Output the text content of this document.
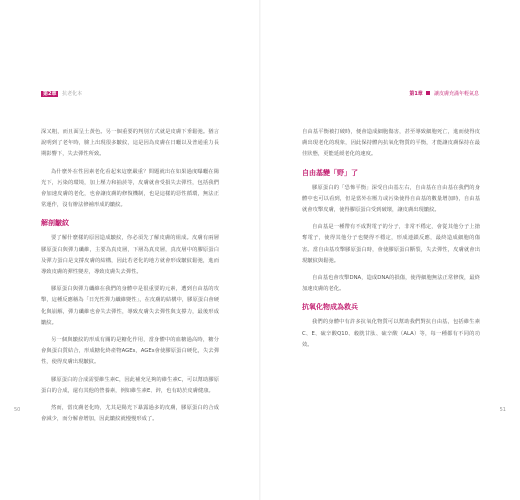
第2章 抗老化本

深又粗，而且面呈土黃色。另一個重要的判別方式就是皮膚下垂鬆弛。猶言說明到了老年時，臉上出現很多皺紋，這是因為皮膚在日曬以及普通重力長期影響下，失去彈性所致。

為什麼外在性因素老化看起來這麼嚴重？問題就出在如果過度曝曬在陽光下，污染的環境，加上壓力和抽菸等，皮膚就會受損失去彈性，包括我們會加速皮膚的老化，也會讓皮膚的修復機制，也是這樣的惡性循環，無法正常運作，沒有辦法修補形成的皺紋。

解剖皺紋

要了解什麼樣的原因造成皺紋，你必須先了解皮膚的組成。皮膚有兩層膠原蛋白與彈力纖維，主要為真皮層，下層為真皮層，真皮層中的膠原蛋白及彈力蛋白是支撐皮膚的結構，因此若老化的地方就會形成皺紋鬆弛，進而導致皮膚的彈性變差，導致皮膚失去彈性。

膠原蛋白與彈力纖維在我們的身體中是很重要的元素，遭到自由基的攻擊，這種反應稱為「日光性彈力纖維變性」，在皮膚的結構中，膠原蛋白會硬化與崩解，彈力纖維也會失去彈性，導致皮膚失去彈性與支撐力，最後形成皺紋。

另一個與皺紋的形成有關的是糖化作用，當身體中的血糖過高時，糖分會與蛋白質結合，形成糖化終產物AGEs，AGEs會使膠原蛋白硬化，失去彈性，使得皮膚出現皺紋。

膠原蛋白的合成需要維生素C，因此補充足夠的維生素C，可以幫助膠原蛋白的合成，還有其他的營養素，例如維生素E、鋅，也有助於皮膚健康。

然而，當皮膚老化時，尤其是陽光下暴露過多的皮膚，膠原蛋白的合成會減少，而分解會增加，因此皺紋就慢慢形成了。

50
第1章 讓皮膚充滿年輕氣息

自由基平衡被打破時，便會造成細胞傷害，甚至導致細胞死亡，進而使得皮膚出現老化的現象，因此保持體內抗氧化物質的平衡，才能讓皮膚保持在最佳狀態，更能延緩老化的速度。

自由基變「野」了

膠原蛋白的「恐怖平衡」深受自由基左右，自由基在自由基在我們的身體中也可以看到，但是當外在壓力或污染使得自由基的數量增加時，自由基就會攻擊皮膚，使得膠原蛋白受到破壞，讓皮膚出現皺紋。

自由基是一種帶有不成對電子的分子，非常不穩定，會從其他分子上搶奪電子，使得其他分子也變得不穩定，形成連鎖反應，最終造成細胞的傷害。當自由基攻擊膠原蛋白時，會使膠原蛋白斷裂，失去彈性，皮膚就會出現皺紋與鬆弛。

自由基也會攻擊DNA，造成DNA的損傷，使得細胞無法正常修復，最終加速皮膚的老化。

抗氧化物成為救兵

我們的身體中有許多抗氧化物質可以幫助我們對抗自由基，包括維生素C、E、硫辛酸Q10、穀胱甘肽、硫辛酸（ALA）等，每一種都有不同的功效。

51
